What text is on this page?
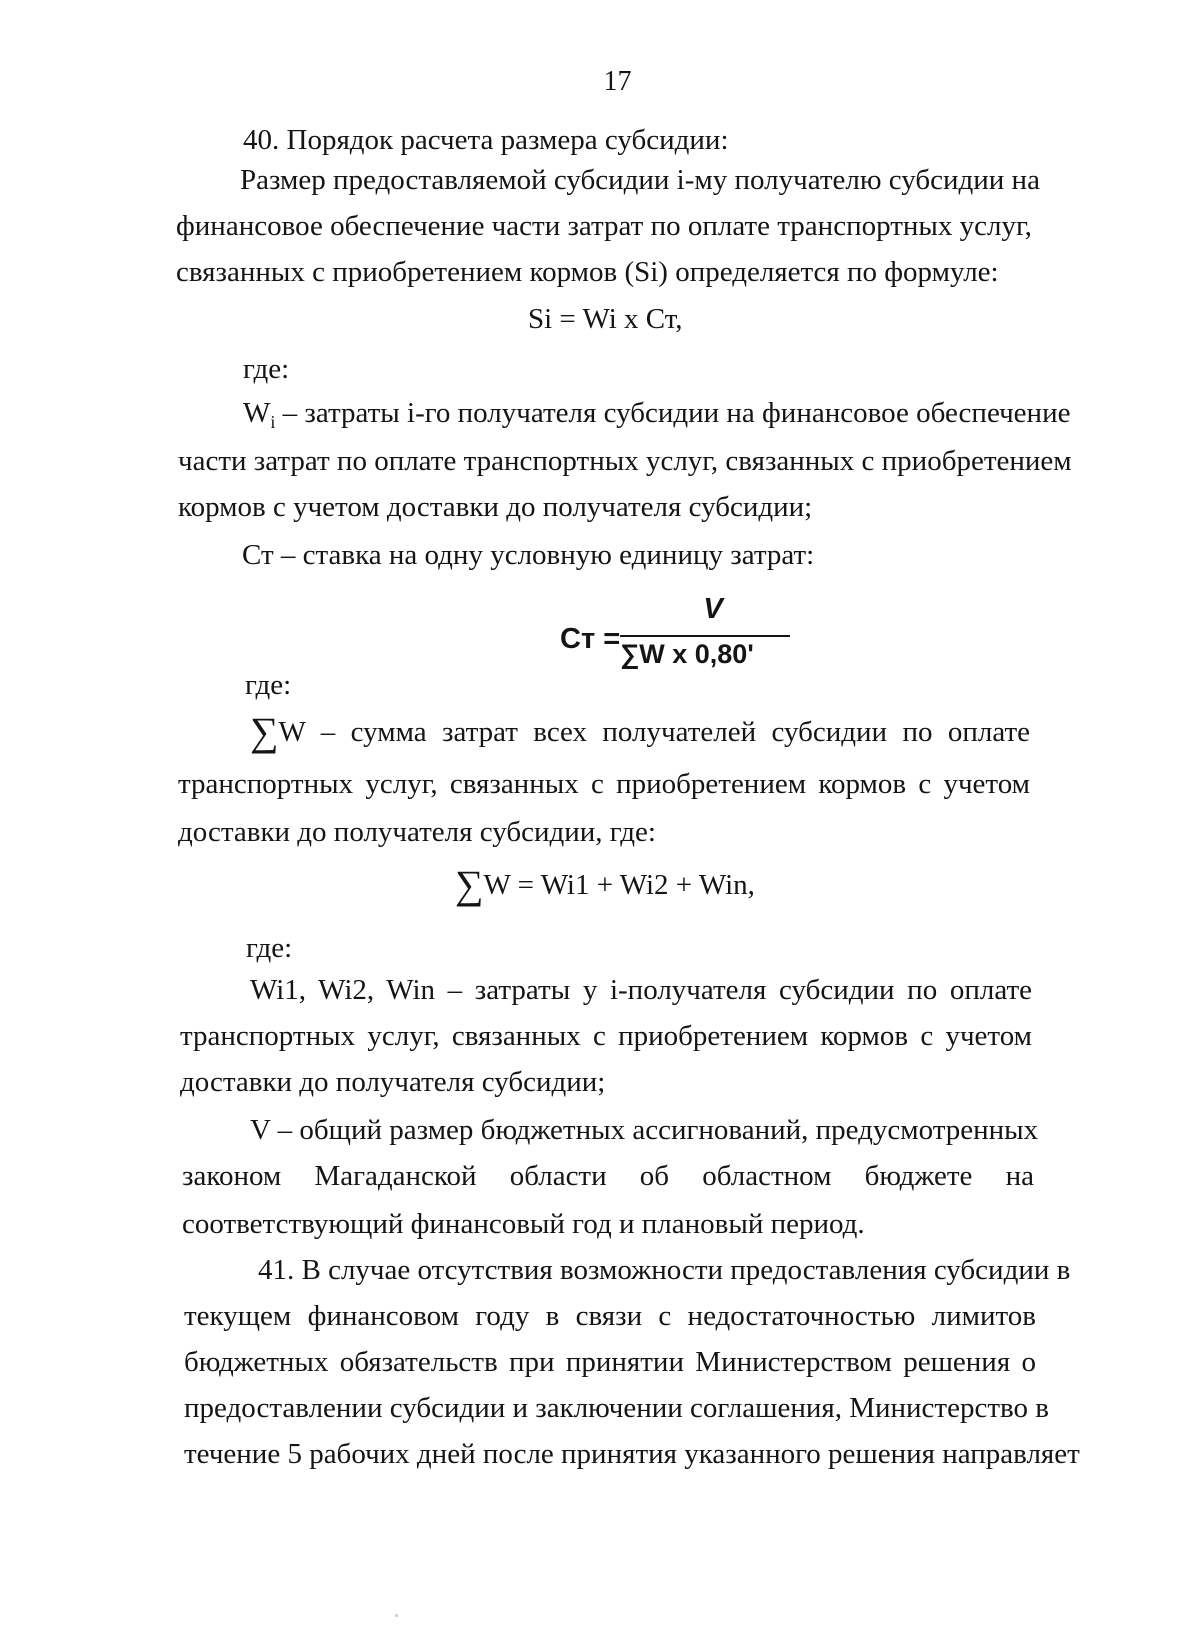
17
40. Порядок расчета размера субсидии:
Размер предоставляемой субсидии i-му получателю субсидии на
финансовое обеспечение части затрат по оплате транспортных услуг,
связанных с приобретением кормов (Si) определяется по формуле:
Si = Wi x Ст,
где:
$W_i$ – затраты i-го получателя субсидии на финансовое обеспечение
части затрат по оплате транспортных услуг, связанных с приобретением
кормов с учетом доставки до получателя субсидии;
Ст – ставка на одну условную единицу затрат:
Ст =
V
∑W x 0,80'
где:
∑W – сумма затрат всех получателей субсидии по оплате
транспортных услуг, связанных с приобретением кормов с учетом
доставки до получателя субсидии, где:
∑W = Wi1 + Wi2 + Win,
где:
Wi1, Wi2, Win – затраты у i-получателя субсидии по оплате
транспортных услуг, связанных с приобретением кормов с учетом
доставки до получателя субсидии;
V – общий размер бюджетных ассигнований, предусмотренных
законом Магаданской области об областном бюджете на
соответствующий финансовый год и плановый период.
41. В случае отсутствия возможности предоставления субсидии в
текущем финансовом году в связи с недостаточностью лимитов
бюджетных обязательств при принятии Министерством решения о
предоставлении субсидии и заключении соглашения, Министерство в
течение 5 рабочих дней после принятия указанного решения направляет
